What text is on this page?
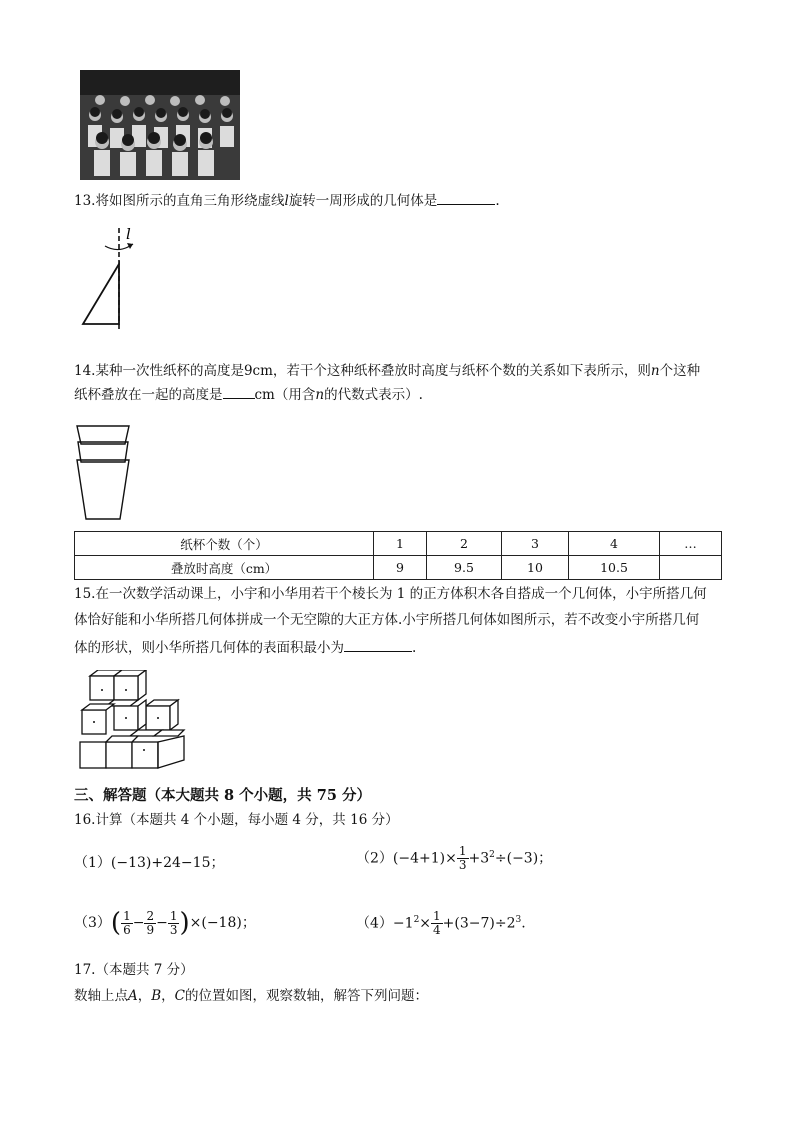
13.将如图所示的直角三角形绕虚线l旋转一周形成的几何体是	.
l
14.某种一次性纸杯的高度是9cm，若干个这种纸杯叠放时高度与纸杯个数的关系如下表所示，则n个这种
纸杯叠放在一起的高度是 cm（用含n的代数式表示）.
纸杯个数（个）	1	2	3	4	…
叠放时高度（cm）	9	9.5	10	10.5	
15.在一次数学活动课上，小宇和小华用若干个棱长为 1 的正方体积木各自搭成一个几何体，小宇所搭几何
体恰好能和小华所搭几何体拼成一个无空隙的大正方体.小宇所搭几何体如图所示，若不改变小宇所搭几何
体的形状，则小华所搭几何体的表面积最小为	.
三、解答题（本大题共 8 个小题，共 75 分）
16.计算（本题共 4 个小题，每小题 4 分，共 16 分）
（1）(−13)+24−15；	$(2)(-4+1)\times \frac{1}{3} +3^2\div(-3)$；
$(3)( \frac{1}{6} - \frac{2}{9} - \frac{1}{3} )\times(-18)$；	$(4)-1^2\times \frac{1}{4} +(3-7)\div 2^3$.
17.（本题共 7 分）
数轴上点A，B，C的位置如图，观察数轴，解答下列问题：
